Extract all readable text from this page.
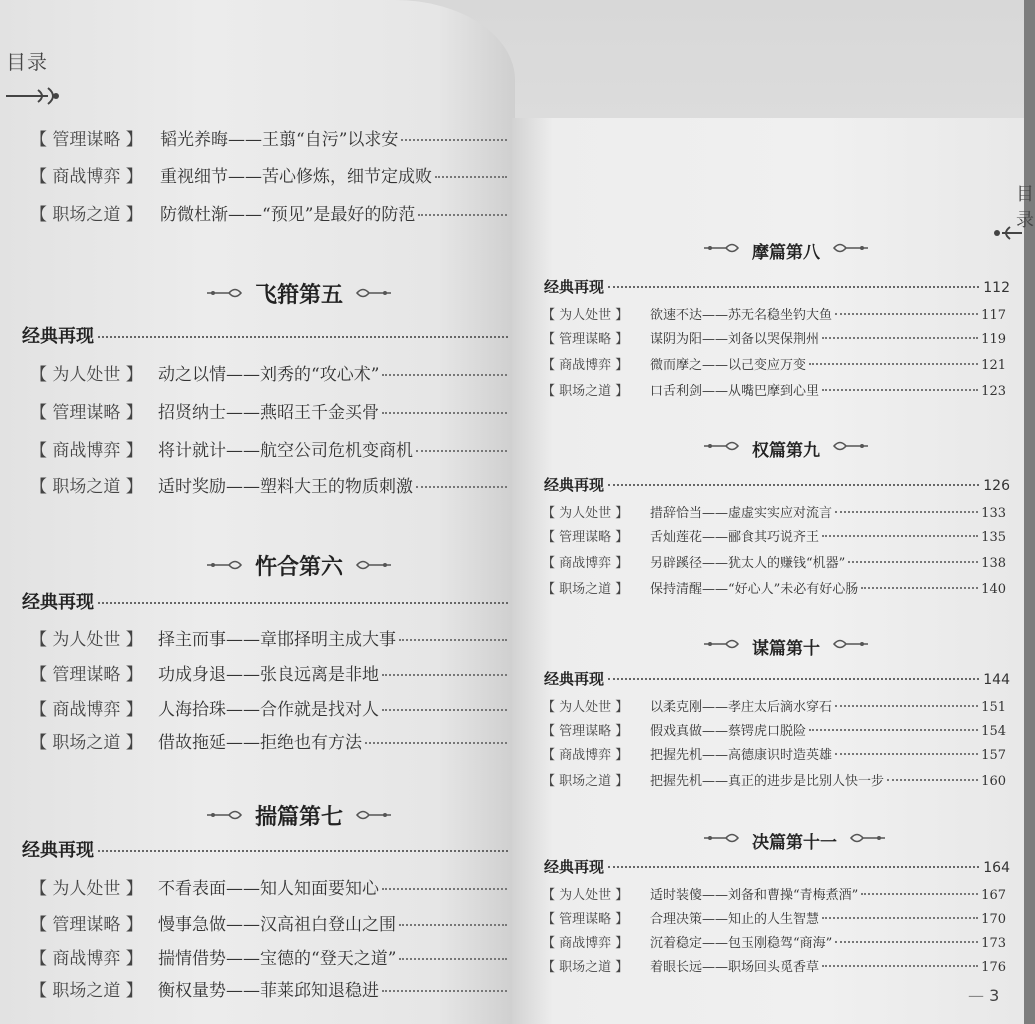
目录
【 管理谋略 】	韬光养晦——王翦“自污”以求安
【 商战博弈 】	重视细节——苦心修炼，细节定成败
【 职场之道 】	防微杜渐——“预见”是最好的防范
飞箝第五
经典再现
【 为人处世 】 动之以情——刘秀的“攻心术”
【 管理谋略 】 招贤纳士——燕昭王千金买骨
【 商战博弈 】 将计就计——航空公司危机变商机
【 职场之道 】 适时奖励——塑料大王的物质刺激
忤合第六
经典再现
【 为人处世 】 择主而事——章邯择明主成大事
【 管理谋略 】 功成身退——张良远离是非地
【 商战博弈 】 人海拾珠——合作就是找对人
【 职场之道 】 借故拖延——拒绝也有方法
揣篇第七
经典再现
【 为人处世 】 不看表面——知人知面要知心
【 管理谋略 】 慢事急做——汉高祖白登山之围
【 商战博弈 】 揣情借势——宝德的“登天之道”
【 职场之道 】 衡权量势——菲莱邱知退稳进
摩篇第八
经典再现	112
【 为人处世 】	欲速不达——苏无名稳坐钓大鱼	117
【 管理谋略 】	谋阴为阳——刘备以哭保荆州	119
【 商战博弈 】	微而摩之——以己变应万变	121
【 职场之道 】	口舌利剑——从嘴巴摩到心里	123
权篇第九
经典再现	126
【 为人处世 】	措辞恰当——虚虚实实应对流言	133
【 管理谋略 】	舌灿莲花——郦食其巧说齐王	135
【 商战博弈 】	另辟蹊径——犹太人的赚钱“机器”	138
【 职场之道 】	保持清醒——“好心人”未必有好心肠	140
谋篇第十
经典再现	144
【 为人处世 】	以柔克刚——孝庄太后滴水穿石	151
【 管理谋略 】	假戏真做——蔡锷虎口脱险	154
【 商战博弈 】	把握先机——高德康识时造英雄	157
【 职场之道 】	把握先机——真正的进步是比别人快一步	160
决篇第十一
经典再现	164
【 为人处世 】	适时装傻——刘备和曹操“青梅煮酒”	167
【 管理谋略 】	合理决策——知止的人生智慧	170
【 商战博弈 】	沉着稳定——包玉刚稳驾“商海”	173
【 职场之道 】	着眼长远——职场回头觅香草	176
目录
— 3
